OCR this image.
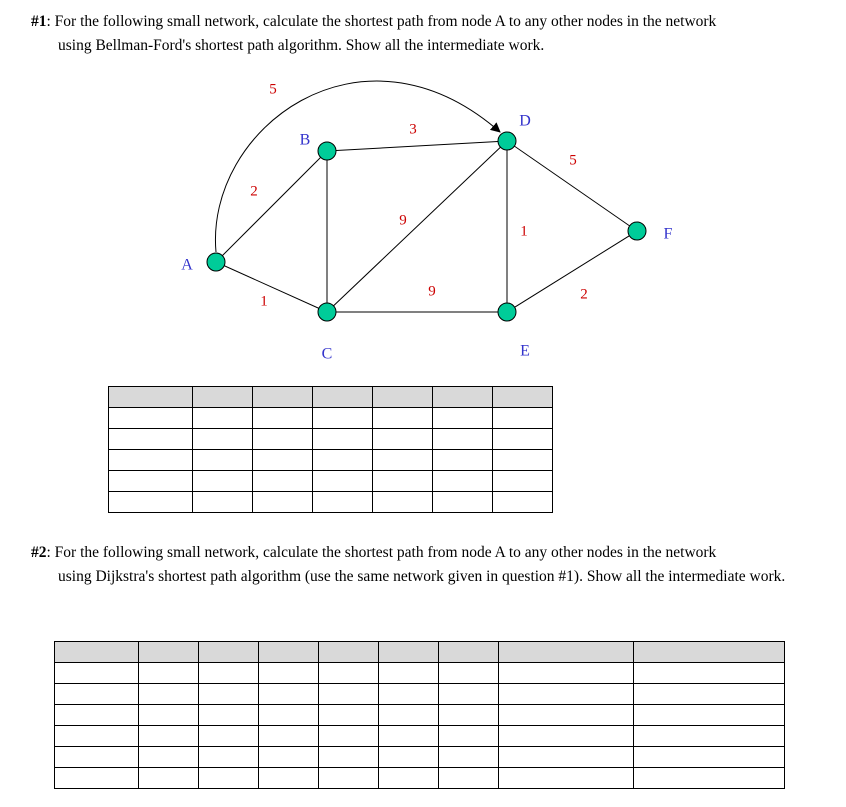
#1: For the following small network, calculate the shortest path from node A to any other nodes in the network
using Bellman-Ford's shortest path algorithm. Show all the intermediate work.
2
1
5
3
9
9
1
5
2
A
B
C
D
E
F

#2: For the following small network, calculate the shortest path from node A to any other nodes in the network
using Dijkstra's shortest path algorithm (use the same network given in question #1). Show all the intermediate work.
